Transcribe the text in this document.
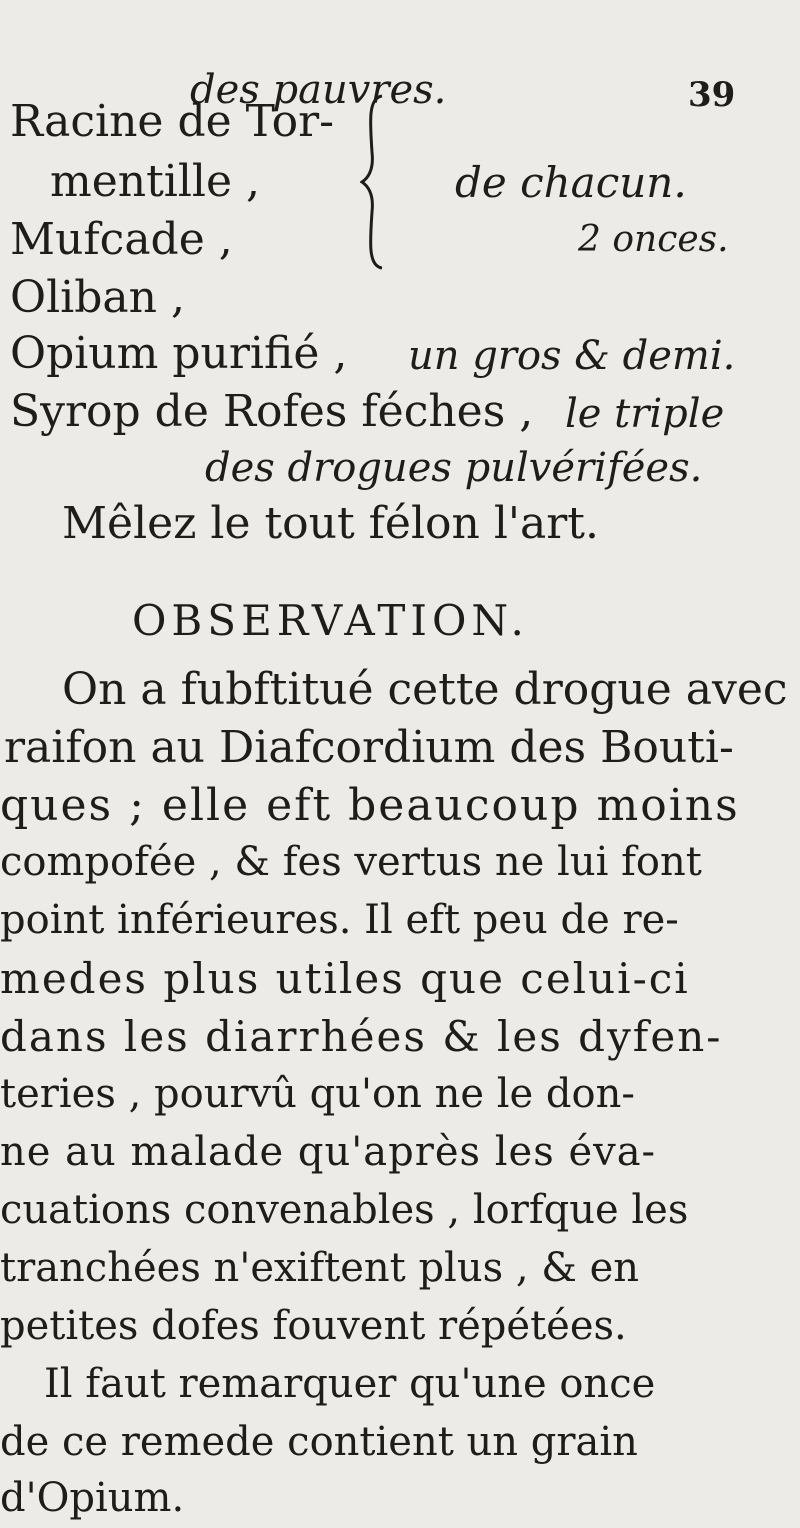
des pauvres.	39
Racine de Tor-
mentille ,
Mufcade ,
Oliban ,
de chacun.
2 onces.
Opium purifié , un gros & demi.
Syrop de Rofes féches , le triple
des drogues pulvérifées.
Mêlez le tout félon l'art.
OBSERVATION.
On a fubftitué cette drogue avec
raifon au Diafcordium des Bouti-
ques ; elle eft beaucoup moins
compofée , & fes vertus ne lui font
point inférieures. Il eft peu de re-
medes plus utiles que celui-ci
dans les diarrhées & les dyfen-
teries , pourvû qu'on ne le don-
ne au malade qu'après les éva-
cuations convenables , lorfque les
tranchées n'exiftent plus , & en
petites dofes fouvent répétées.
Il faut remarquer qu'une once
de ce remede contient un grain
d'Opium.
